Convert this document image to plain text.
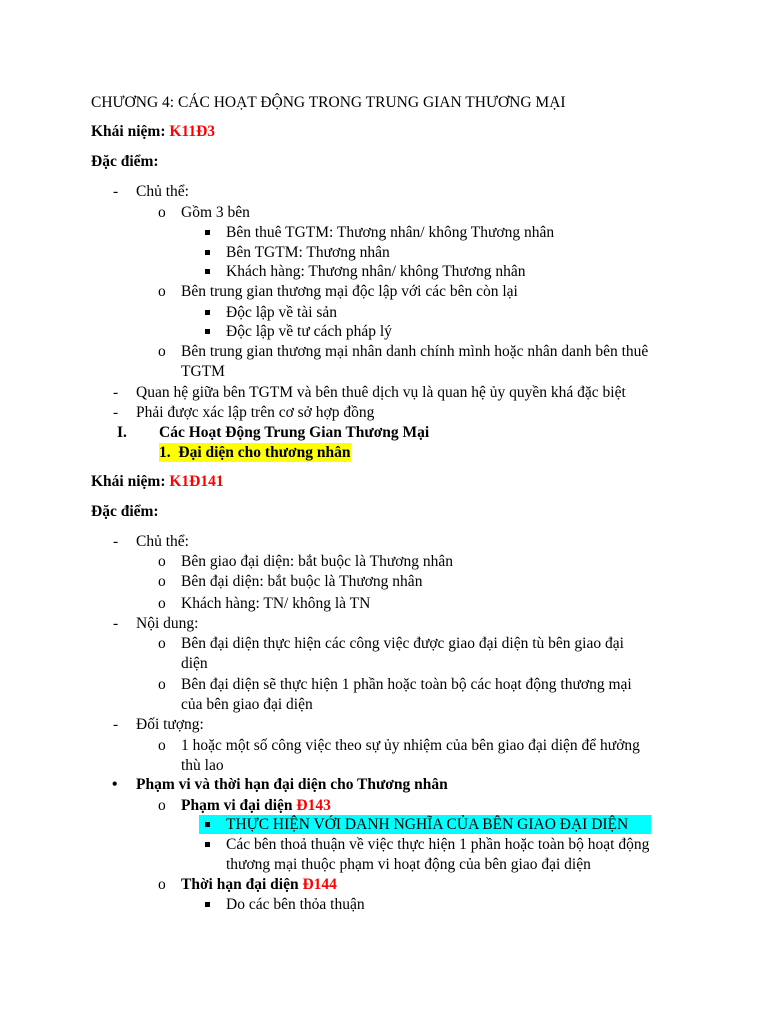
CHƯƠNG 4: CÁC HOẠT ĐỘNG TRONG TRUNG GIAN THƯƠNG MẠI
Khái niệm: K11Đ3
Đặc điểm:
- Chủ thể:
o Gồm 3 bên
Bên thuê TGTM: Thương nhân/ không Thương nhân
Bên TGTM: Thương nhân
Khách hàng: Thương nhân/ không Thương nhân
o Bên trung gian thương mại độc lập với các bên còn lại
Độc lập về tài sản
Độc lập về tư cách pháp lý
o Bên trung gian thương mại nhân danh chính mình hoặc nhân danh bên thuê
TGTM
- Quan hệ giữa bên TGTM và bên thuê dịch vụ là quan hệ ủy quyền khá đặc biệt
- Phải được xác lập trên cơ sở hợp đồng
I. Các Hoạt Động Trung Gian Thương Mại
1. Đại diện cho thương nhân
Khái niệm: K1Đ141
Đặc điểm:
- Chủ thể:
o Bên giao đại diện: bắt buộc là Thương nhân
o Bên đại diện: bắt buộc là Thương nhân
o Khách hàng: TN/ không là TN
- Nội dung:
o Bên đại diện thực hiện các công việc được giao đại diện tù bên giao đại
diện
o Bên đại diện sẽ thực hiện 1 phần hoặc toàn bộ các hoạt động thương mại
của bên giao đại diện
- Đối tượng:
o 1 hoặc một số công việc theo sự ủy nhiệm của bên giao đại diện để hưởng
thù lao
• Phạm vi và thời hạn đại diện cho Thương nhân
o Phạm vi đại diện Đ143
THỰC HIỆN VỚI DANH NGHĨA CỦA BÊN GIAO ĐẠI DIỆN
Các bên thoả thuận về việc thực hiện 1 phần hoặc toàn bộ hoạt động
thương mại thuộc phạm vi hoạt động của bên giao đại diện
o Thời hạn đại diện Đ144
Do các bên thỏa thuận
